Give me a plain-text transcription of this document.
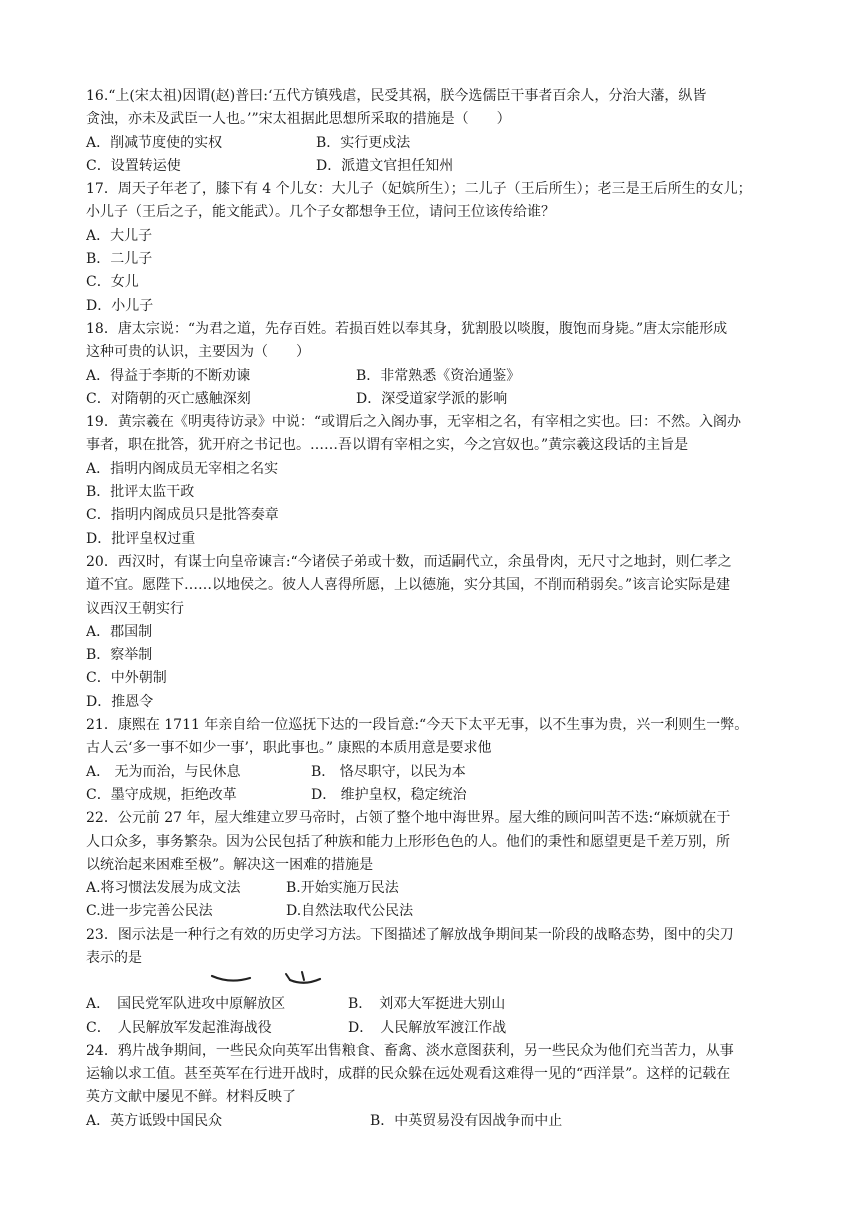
16.“上(宋太祖)因谓(赵)普曰:‘五代方镇残虐，民受其祸，朕今选儒臣干事者百余人，分治大藩，纵皆
贪浊，亦未及武臣一人也。’”宋太祖据此思想所采取的措施是（　　）
A．削减节度使的实权	B．实行更戍法
C．设置转运使	D．派遣文官担任知州
17．周天子年老了，膝下有 4 个儿女：大儿子（妃嫔所生）；二儿子（王后所生）；老三是王后所生的女儿；
小儿子（王后之子，能文能武）。几个子女都想争王位，请问王位该传给谁？
A．大儿子
B．二儿子
C．女儿
D．小儿子
18．唐太宗说：“为君之道，先存百姓。若损百姓以奉其身，犹割股以啖腹，腹饱而身毙。”唐太宗能形成
这种可贵的认识，主要因为（　　）
A．得益于李斯的不断劝谏	B．非常熟悉《资治通鉴》
C．对隋朝的灭亡感触深刻	D．深受道家学派的影响
19．黄宗羲在《明夷待访录》中说：“或谓后之入阁办事，无宰相之名，有宰相之实也。曰：不然。入阁办
事者，职在批答，犹开府之书记也。……吾以谓有宰相之实，今之宫奴也。”黄宗羲这段话的主旨是
A．指明内阁成员无宰相之名实
B．批评太监干政
C．指明内阁成员只是批答奏章
D．批评皇权过重
20．西汉时，有谋士向皇帝谏言:“今诸侯子弟或十数，而适嗣代立，余虽骨肉，无尺寸之地封，则仁孝之
道不宜。愿陛下……以地侯之。彼人人喜得所愿，上以德施，实分其国，不削而稍弱矣。”该言论实际是建
议西汉王朝实行
A．郡国制
B．察举制
C．中外朝制
D．推恩令
21．康熙在 1711 年亲自给一位巡抚下达的一段旨意:“今天下太平无事，以不生事为贵，兴一利则生一弊。
古人云‘多一事不如少一事’，职此事也。” 康熙的本质用意是要求他
A． 无为而治，与民休息	B． 恪尽职守，以民为本
C．墨守成规，拒绝改革	D． 维护皇权，稳定统治
22．公元前 27 年，屋大维建立罗马帝时，占领了整个地中海世界。屋大维的顾问叫苦不迭:“麻烦就在于
人口众多，事务繁杂。因为公民包括了种族和能力上形形色色的人。他们的秉性和愿望更是千差万别，所
以统治起来困难至极”。解决这一困难的措施是
A.将习惯法发展为成文法	B.开始实施万民法
C.进一步完善公民法	D.自然法取代公民法
23．图示法是一种行之有效的历史学习方法。下图描述了解放战争期间某一阶段的战略态势，图中的尖刀
表示的是
A．　国民党军队进攻中原解放区	B．　刘邓大军挺进大别山
C．　人民解放军发起淮海战役	D．　人民解放军渡江作战
24．鸦片战争期间，一些民众向英军出售粮食、畜禽、淡水意图获利，另一些民众为他们充当苦力，从事
运输以求工值。甚至英军在行进开战时，成群的民众躲在远处观看这难得一见的“西洋景”。这样的记载在
英方文献中屡见不鲜。材料反映了
A．英方诋毁中国民众	B．中英贸易没有因战争而中止
